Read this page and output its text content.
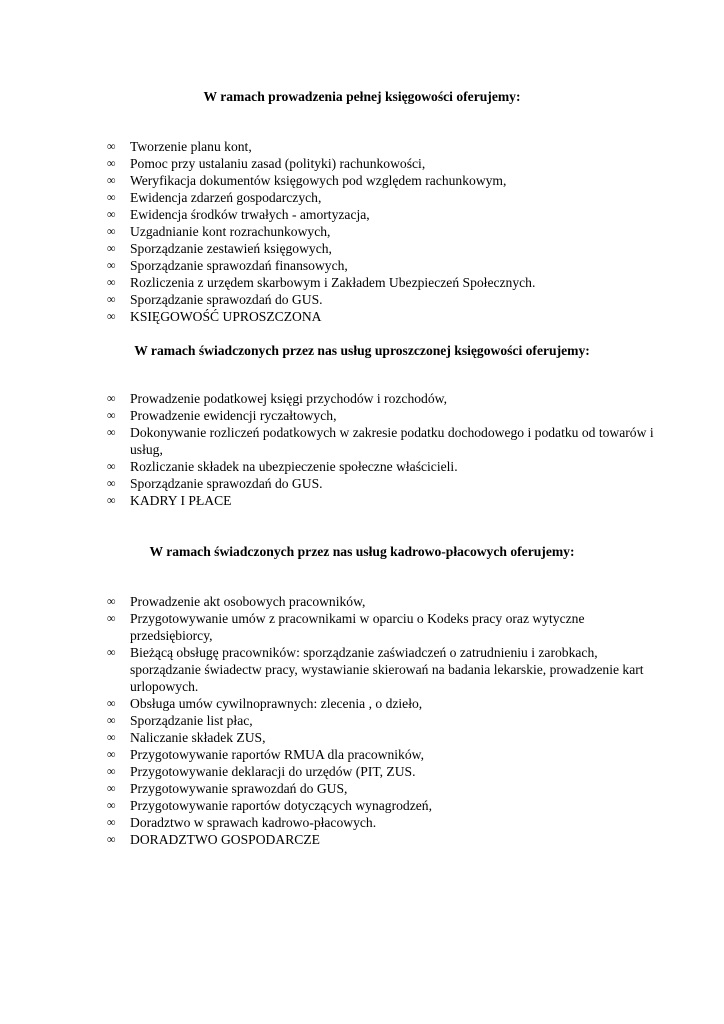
W ramach prowadzenia pełnej księgowości oferujemy:
∞ Tworzenie planu kont,
∞ Pomoc przy ustalaniu zasad (polityki) rachunkowości,
∞ Weryfikacja dokumentów księgowych pod względem rachunkowym,
∞ Ewidencja zdarzeń gospodarczych,
∞ Ewidencja środków trwałych - amortyzacja,
∞ Uzgadnianie kont rozrachunkowych,
∞ Sporządzanie zestawień księgowych,
∞ Sporządzanie sprawozdań finansowych,
∞ Rozliczenia z urzędem skarbowym i Zakładem Ubezpieczeń Społecznych.
∞ Sporządzanie sprawozdań do GUS.
∞ KSIĘGOWOŚĆ UPROSZCZONA
W ramach świadczonych przez nas usług uproszczonej księgowości oferujemy:
∞ Prowadzenie podatkowej księgi przychodów i rozchodów,
∞ Prowadzenie ewidencji ryczałtowych,
∞ Dokonywanie rozliczeń podatkowych w zakresie podatku dochodowego i podatku od towarów i usług,
∞ Rozliczanie składek na ubezpieczenie społeczne właścicieli.
∞ Sporządzanie sprawozdań do GUS.
∞ KADRY I PŁACE
W ramach świadczonych przez nas usług kadrowo-płacowych oferujemy:
∞ Prowadzenie akt osobowych pracowników,
∞ Przygotowywanie umów z pracownikami w oparciu o Kodeks pracy oraz wytyczne przedsiębiorcy,
∞ Bieżącą obsługę pracowników: sporządzanie zaświadczeń o zatrudnieniu i zarobkach, sporządzanie świadectw pracy, wystawianie skierowań na badania lekarskie, prowadzenie kart urlopowych.
∞ Obsługa umów cywilnoprawnych: zlecenia , o dzieło,
∞ Sporządzanie list płac,
∞ Naliczanie składek ZUS,
∞ Przygotowywanie raportów RMUA dla pracowników,
∞ Przygotowywanie deklaracji do urzędów (PIT, ZUS.
∞ Przygotowywanie sprawozdań do GUS,
∞ Przygotowywanie raportów dotyczących wynagrodzeń,
∞ Doradztwo w sprawach kadrowo-płacowych.
∞ DORADZTWO GOSPODARCZE
